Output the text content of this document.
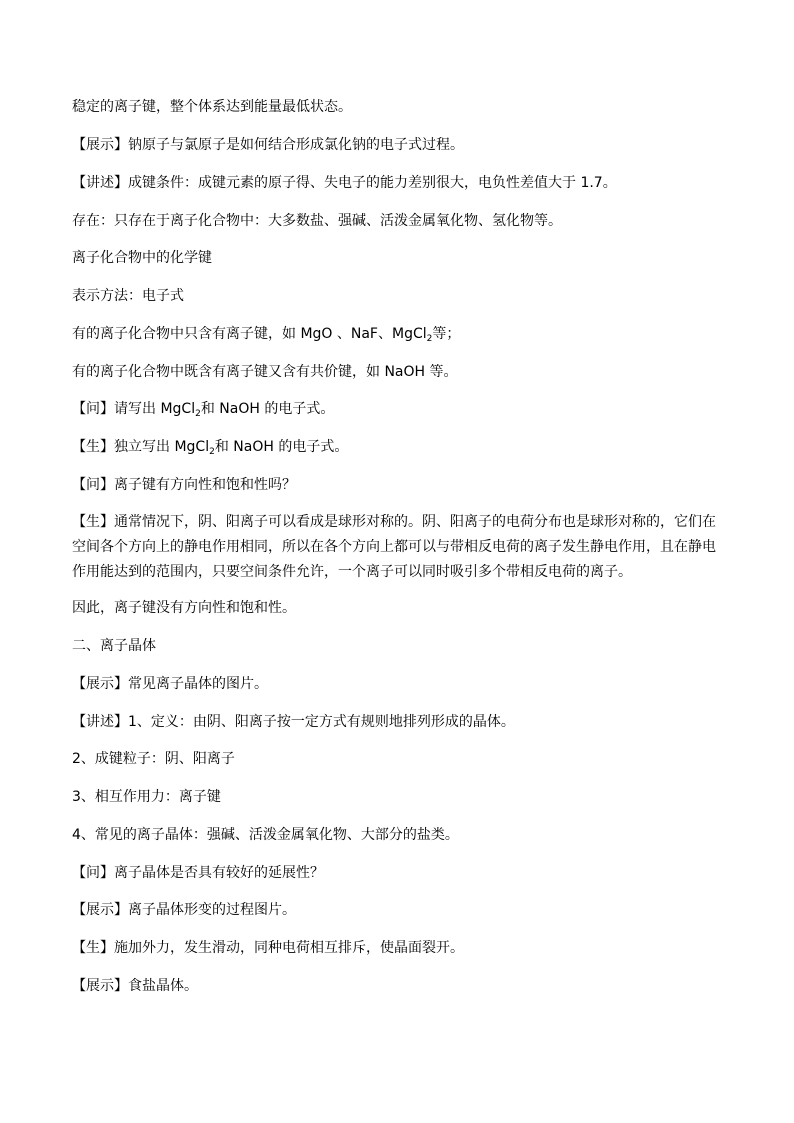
稳定的离子键，整个体系达到能量最低状态。
【展示】钠原子与氯原子是如何结合形成氯化钠的电子式过程。
【讲述】成键条件：成键元素的原子得、失电子的能力差别很大，电负性差值大于 1.7。
存在：只存在于离子化合物中：大多数盐、强碱、活泼金属氧化物、氢化物等。
离子化合物中的化学键
表示方法：电子式
有的离子化合物中只含有离子键，如 MgO 、NaF、MgCl$_2$等；
有的离子化合物中既含有离子键又含有共价键，如 NaOH 等。
【问】请写出 MgCl$_2$和 NaOH 的电子式。
【生】独立写出 MgCl$_2$和 NaOH 的电子式。
【问】离子键有方向性和饱和性吗？
【生】通常情况下，阴、阳离子可以看成是球形对称的。阴、阳离子的电荷分布也是球形对称的，它们在空间各个方向上的静电作用相同，所以在各个方向上都可以与带相反电荷的离子发生静电作用，且在静电作用能达到的范围内，只要空间条件允许，一个离子可以同时吸引多个带相反电荷的离子。
因此，离子键没有方向性和饱和性。
二、离子晶体
【展示】常见离子晶体的图片。
【讲述】1、定义：由阴、阳离子按一定方式有规则地排列形成的晶体。
2、成键粒子：阴、阳离子
3、相互作用力：离子键
4、常见的离子晶体：强碱、活泼金属氧化物、大部分的盐类。
【问】离子晶体是否具有较好的延展性？
【展示】离子晶体形变的过程图片。
【生】施加外力，发生滑动，同种电荷相互排斥，使晶面裂开。
【展示】食盐晶体。
